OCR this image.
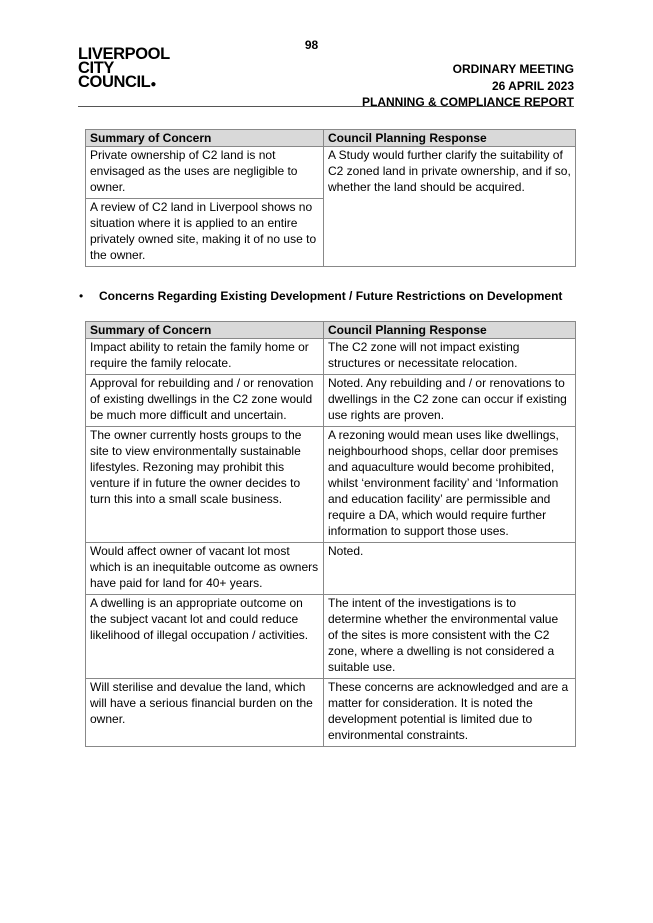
98
LIVERPOOL
CITY
COUNCIL●
ORDINARY MEETING
26 APRIL 2023
PLANNING & COMPLIANCE REPORT
Summary of Concern	Council Planning Response
Private ownership of C2 land is not envisaged as the uses are negligible to owner.	A Study would further clarify the suitability of C2 zoned land in private ownership, and if so, whether the land should be acquired.
A review of C2 land in Liverpool shows no situation where it is applied to an entire privately owned site, making it of no use to the owner.	
• Concerns Regarding Existing Development / Future Restrictions on Development
Summary of Concern	Council Planning Response
Impact ability to retain the family home or require the family relocate.	The C2 zone will not impact existing structures or necessitate relocation.
Approval for rebuilding and / or renovation of existing dwellings in the C2 zone would be much more difficult and uncertain.	Noted. Any rebuilding and / or renovations to dwellings in the C2 zone can occur if existing use rights are proven.
The owner currently hosts groups to the site to view environmentally sustainable lifestyles. Rezoning may prohibit this venture if in future the owner decides to turn this into a small scale business.	A rezoning would mean uses like dwellings, neighbourhood shops, cellar door premises and aquaculture would become prohibited, whilst ‘environment facility’ and ‘Information and education facility’ are permissible and require a DA, which would require further information to support those uses.
Would affect owner of vacant lot most which is an inequitable outcome as owners have paid for land for 40+ years.	Noted.
A dwelling is an appropriate outcome on the subject vacant lot and could reduce likelihood of illegal occupation / activities.	The intent of the investigations is to determine whether the environmental value of the sites is more consistent with the C2 zone, where a dwelling is not considered a suitable use.
Will sterilise and devalue the land, which will have a serious financial burden on the owner.	These concerns are acknowledged and are a matter for consideration. It is noted the development potential is limited due to environmental constraints.
